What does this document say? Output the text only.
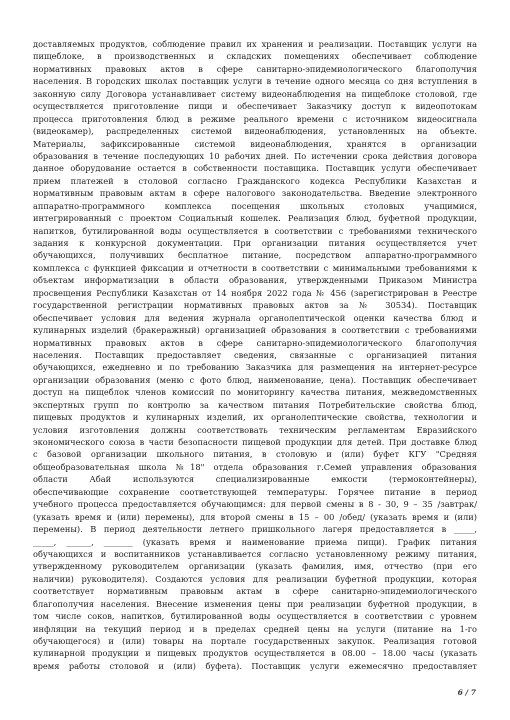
доставляемых продуктов, соблюдение правил их хранения и реализации. Поставщик услуги на
пищеблоке, в производственных и складских помещениях обеспечивает соблюдение
нормативных правовых актов в сфере санитарно-эпидемиологического благополучия
населения. В городских школах поставщик услуги в течение одного месяца со дня вступления в
законную силу Договора устанавливает систему видеонаблюдения на пищеблоке столовой, где
осуществляется приготовление пищи и обеспечивает Заказчику доступ к видеопотокам
процесса приготовления блюд в режиме реального времени с источником видеосигнала
(видеокамер), распределенных системой видеонаблюдения, установленных на объекте.
Материалы, зафиксированные системой видеонаблюдения, хранятся в организации
образования в течение последующих 10 рабочих дней. По истечении срока действия договора
данное оборудование остается в собственности поставщика. Поставщик услуги обеспечивает
прием платежей в столовой согласно Гражданского кодекса Республики Казахстан и
нормативным правовым актам в сфере налогового законодательства. Введение электронного
аппаратно-программного комплекса посещения школьных столовых учащимися,
интегрированный с проектом Социальный кошелек. Реализация блюд, буфетной продукции,
напитков, бутилированной воды осуществляется в соответствии с требованиями технического
задания к конкурсной документации. При организации питания осуществляется учет
обучающихся, получивших бесплатное питание, посредством аппаратно-программного
комплекса с функцией фиксации и отчетности в соответствии с минимальными требованиями к
объектам информатизации в области образования, утвержденными Приказом Министра
просвещения Республики Казахстан от 14 ноября 2022 года № 456 (зарегистрирован в Реестре
государственной регистрации нормативных правовых актов за № 30534). Поставщик
обеспечивает условия для ведения журнала органолептической оценки качества блюд и
кулинарных изделий (бракеражный) организацией образования в соответствии с требованиями
нормативных правовых актов в сфере санитарно-эпидемиологического благополучия
населения. Поставщик предоставляет сведения, связанные с организацией питания
обучающихся, ежедневно и по требованию Заказчика для размещения на интернет-ресурсе
организации образования (меню с фото блюд, наименование, цена). Поставщик обеспечивает
доступ на пищеблок членов комиссий по мониторингу качества питания, межведомственных
экспертных групп по контролю за качеством питания Потребительские свойства блюд,
пищевых продуктов и кулинарных изделий, их органолептические свойства, технологии и
условия изготовления должны соответствовать техническим регламентам Евразийского
экономического союза в части безопасности пищевой продукции для детей. При доставке блюд
с базовой организации школьного питания, в столовую и (или) буфет КГУ "Средняя
общеобразовательная школа №18" отдела образования г.Семей управления образования
области Абай используются специализированные емкости (термоконтейнеры),
обеспечивающие сохранение соответствующей температуры. Горячее питание в период
учебного процесса предоставляется обучающимся: для первой смены в 8 - 30, 9 – 35 /завтрак/
(указать время и (или) перемены), для второй смены в 15 – 00 /обед/ (указать время и (или)
перемены). В период деятельности летнего пришкольного лагеря предоставляется в _____,
_____, ______, _______ (указать время и наименование приема пищи). График питания
обучающихся и воспитанников устанавливается согласно установленному режиму питания,
утвержденному руководителем организации (указать фамилия, имя, отчество (при его
наличии) руководителя). Создаются условия для реализации буфетной продукции, которая
соответствует нормативным правовым актам в сфере санитарно-эпидемиологического
благополучия населения. Внесение изменения цены при реализации буфетной продукции, в
том числе соков, напитков, бутилированной воды осуществляется в соответствии с уровнем
инфляции на текущий период и в пределах средней цены на услуги (питание на 1-го
обучающегося) и (или) товары на портале государственных закупок. Реализация готовой
кулинарной продукции и пищевых продуктов осуществляется в 08.00 – 18.00 часы (указать
время работы столовой и (или) буфета). Поставщик услуги ежемесячно предоставляет
6 / 7
